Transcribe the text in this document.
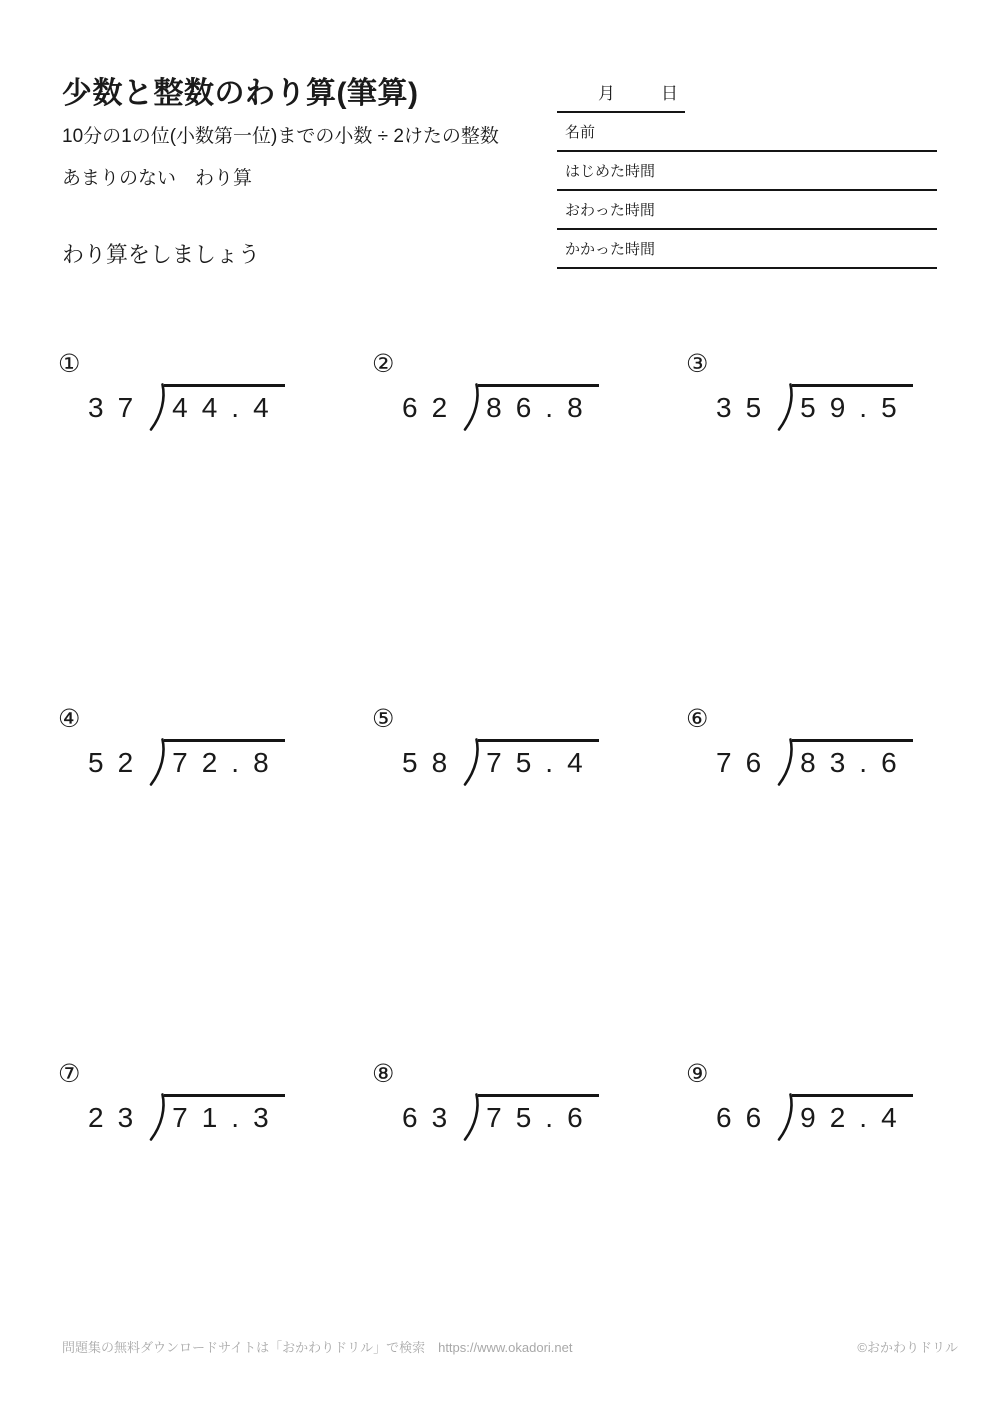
少数と整数のわり算(筆算)

10分の1の位(小数第一位)までの小数 ÷ 2けたの整数

あまりのない　わり算

わり算をしましょう

月	日
名前
はじめた時間
おわった時間
かかった時間
①
37 44.4
②
62 86.8
③
35 59.5
④
52 72.8
⑤
58 75.4
⑥
76 83.6
⑦
23 71.3
⑧
63 75.6
⑨
66 92.4
問題集の無料ダウンロードサイトは「おかわりドリル」で検索　https://www.okadori.net	©おかわりドリル
